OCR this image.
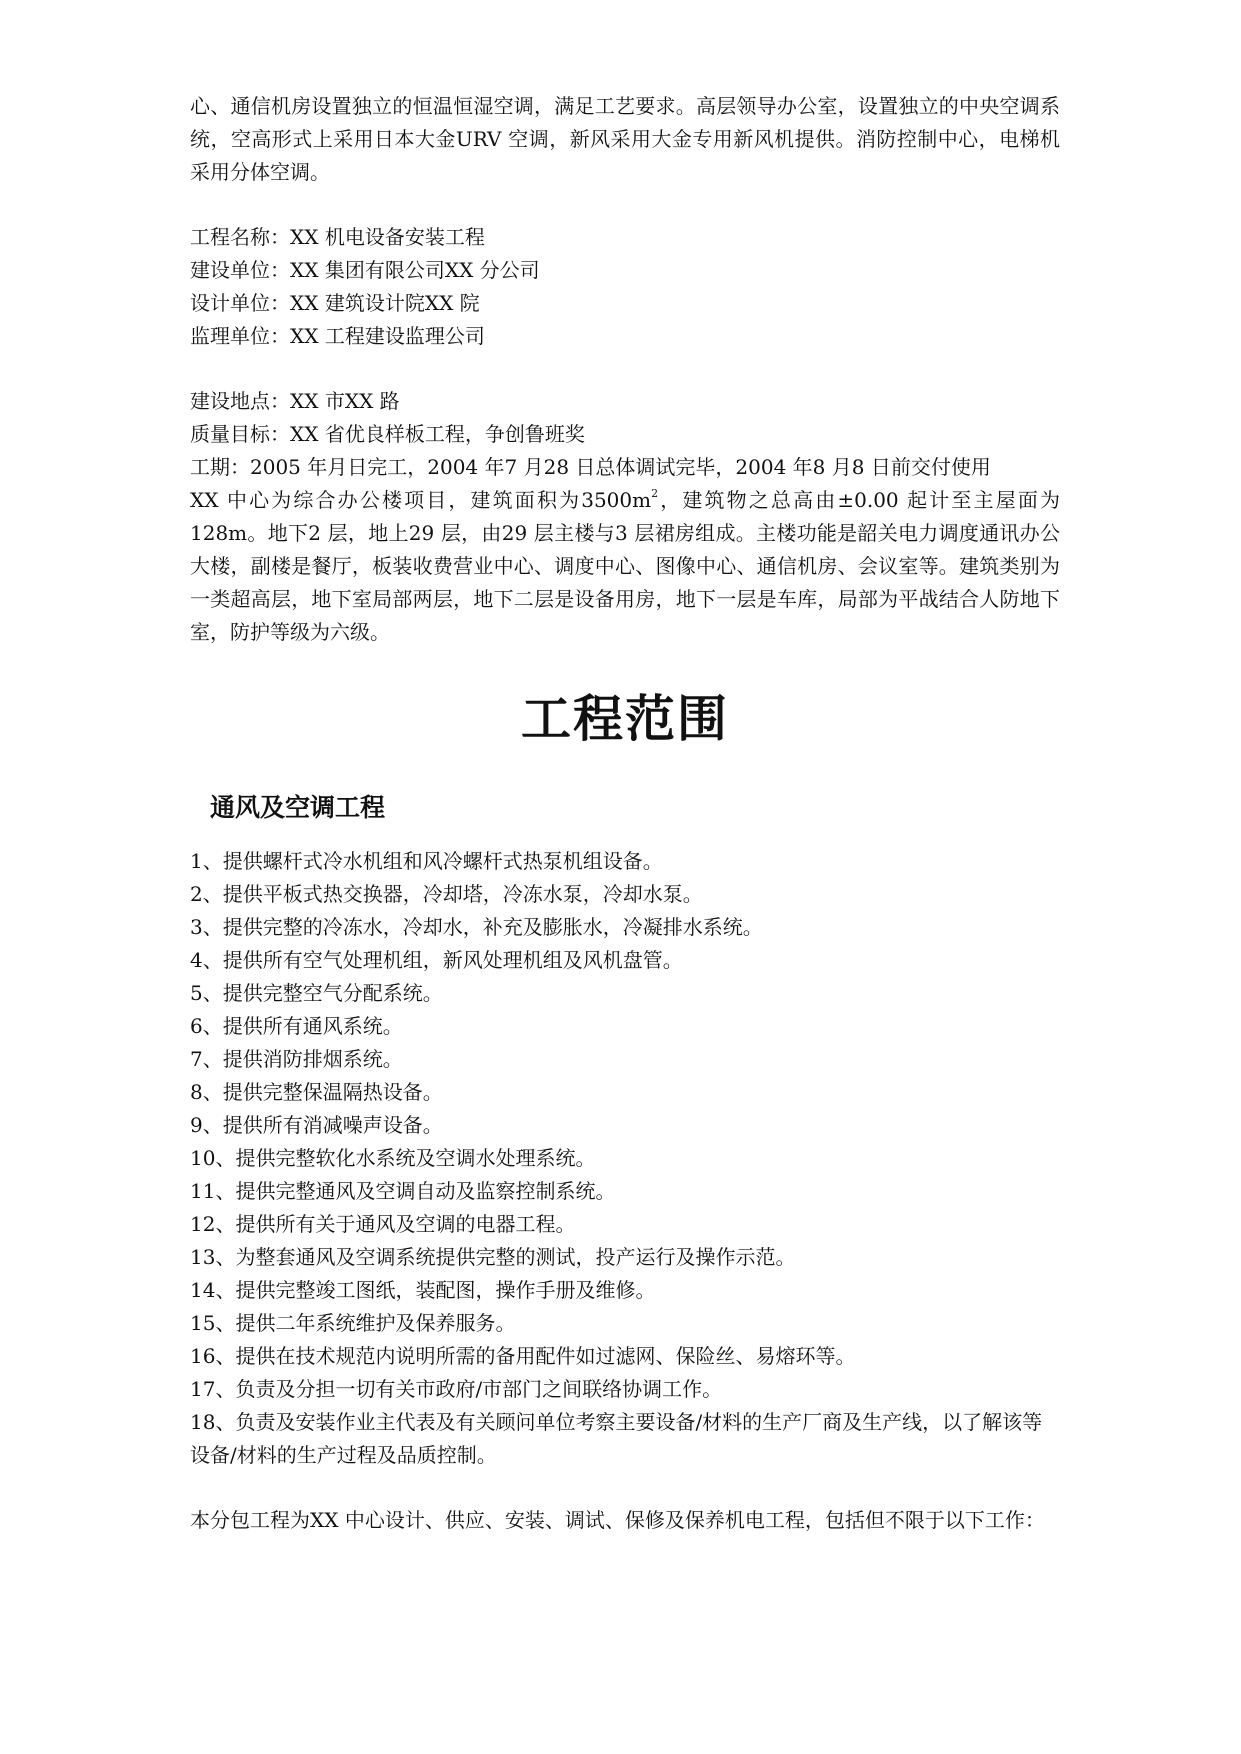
心、通信机房设置独立的恒温恒湿空调，满足工艺要求。高层领导办公室，设置独立的中央空调系统，空高形式上采用日本大金URV 空调，新风采用大金专用新风机提供。消防控制中心，电梯机采用分体空调。

工程名称：XX 机电设备安装工程
建设单位：XX 集团有限公司XX 分公司
设计单位：XX 建筑设计院XX 院
监理单位：XX 工程建设监理公司
建设地点：XX 市XX 路
质量目标：XX 省优良样板工程，争创鲁班奖
工期：2005 年月日完工，2004 年7 月28 日总体调试完毕，2004 年8 月8 日前交付使用

XX 中心为综合办公楼项目，建筑面积为$3500m^2$，建筑物之总高由±0.00 起计至主屋面为128m。地下2 层，地上29 层，由29 层主楼与3 层裙房组成。主楼功能是韶关电力调度通讯办公大楼，副楼是餐厅，板装收费营业中心、调度中心、图像中心、通信机房、会议室等。建筑类别为一类超高层，地下室局部两层，地下二层是设备用房，地下一层是车库，局部为平战结合人防地下室，防护等级为六级。

工程范围
通风及空调工程
1、提供螺杆式冷水机组和风冷螺杆式热泵机组设备。
2、提供平板式热交换器，冷却塔，冷冻水泵，冷却水泵。
3、提供完整的冷冻水，冷却水，补充及膨胀水，冷凝排水系统。
4、提供所有空气处理机组，新风处理机组及风机盘管。
5、提供完整空气分配系统。
6、提供所有通风系统。
7、提供消防排烟系统。
8、提供完整保温隔热设备。
9、提供所有消减噪声设备。
10、提供完整软化水系统及空调水处理系统。
11、提供完整通风及空调自动及监察控制系统。
12、提供所有关于通风及空调的电器工程。
13、为整套通风及空调系统提供完整的测试，投产运行及操作示范。
14、提供完整竣工图纸，装配图，操作手册及维修。
15、提供二年系统维护及保养服务。
16、提供在技术规范内说明所需的备用配件如过滤网、保险丝、易熔环等。
17、负责及分担一切有关市政府/市部门之间联络协调工作。
18、负责及安装作业主代表及有关顾问单位考察主要设备/材料的生产厂商及生产线，以了解该等设备/材料的生产过程及品质控制。

本分包工程为XX 中心设计、供应、安装、调试、保修及保养机电工程，包括但不限于以下工作：
